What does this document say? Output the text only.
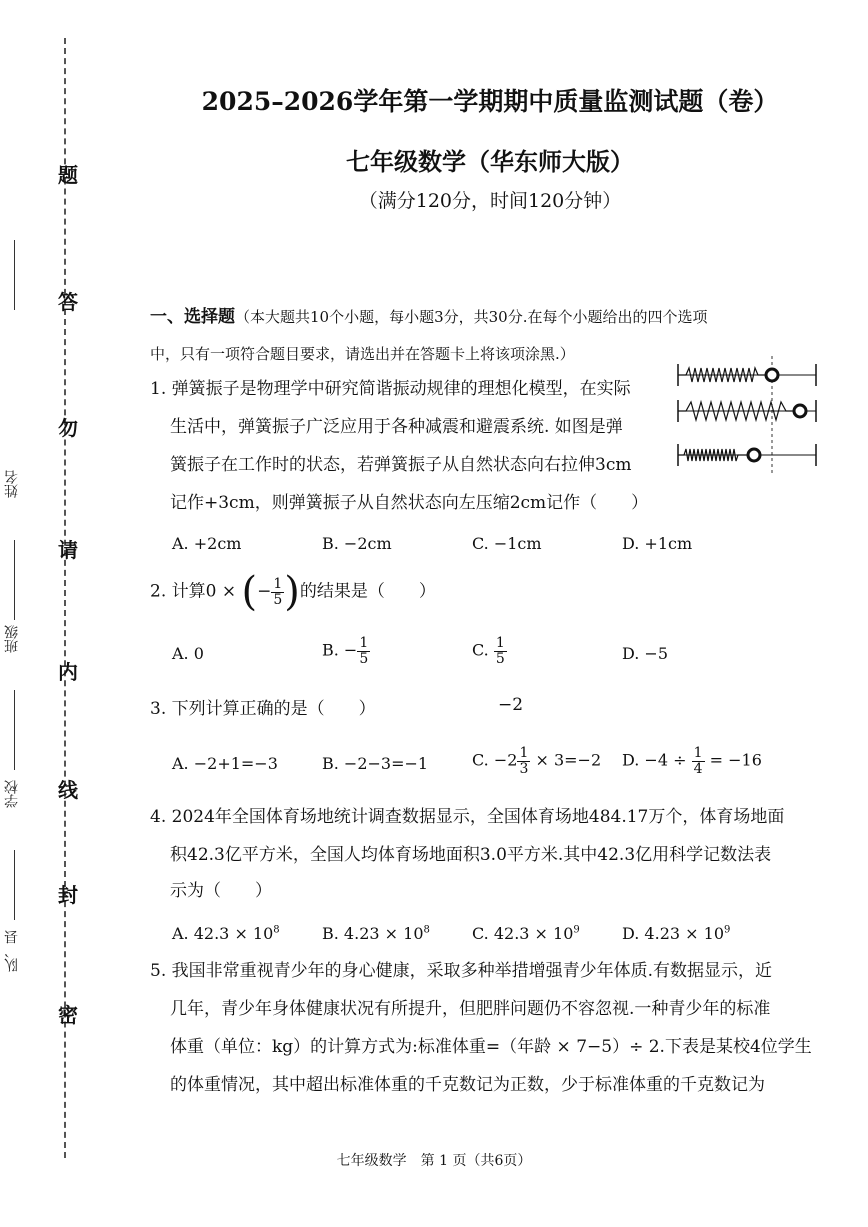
题
答
勿
请
内
线
封
密
姓名
班级
学校
队、县
2025–2026学年第一学期期中质量监测试题（卷）
七年级数学（华东师大版）
（满分120分，时间120分钟）
一、选择题（本大题共10个小题，每小题3分，共30分.在每个小题给出的四个选项
中，只有一项符合题目要求，请选出并在答题卡上将该项涂黑.）
1. 弹簧振子是物理学中研究简谐振动规律的理想化模型，在实际
生活中，弹簧振子广泛应用于各种减震和避震系统. 如图是弹
簧振子在工作时的状态，若弹簧振子从自然状态向右拉伸3cm
记作+3cm，则弹簧振子从自然状态向左压缩2cm记作（　　）
A. +2cm	B. −2cm	C. −1cm	D. +1cm
2. 计算0 × (− $\frac{1}{5}$ )的结果是（　　）
A. 0	B. − $\frac{1}{5}$	C. $\frac{1}{5}$	D. −5
3. 下列计算正确的是（　　）	−2
A. −2+1=−3	B. −2−3=−1	C. $-2 \frac{1}{3} \times 3=-2$ D. $-4 \div \frac{1}{4} = -16$
4. 2024年全国体育场地统计调查数据显示，全国体育场地484.17万个，体育场地面
积42.3亿平方米，全国人均体育场地面积3.0平方米.其中42.3亿用科学记数法表
示为（　　）
A. $42.3 \times 10^8$	B. $4.23 \times 10^8$	C. $42.3 \times 10^9$	D. $4.23 \times 10^9$
5. 我国非常重视青少年的身心健康，采取多种举措增强青少年体质.有数据显示，近
几年，青少年身体健康状况有所提升，但肥胖问题仍不容忽视.一种青少年的标准
体重（单位：kg）的计算方式为:标准体重=（年龄 × 7−5）÷ 2.下表是某校4位学生
的体重情况，其中超出标准体重的千克数记为正数，少于标准体重的千克数记为
七年级数学　第 1 页（共6页）
